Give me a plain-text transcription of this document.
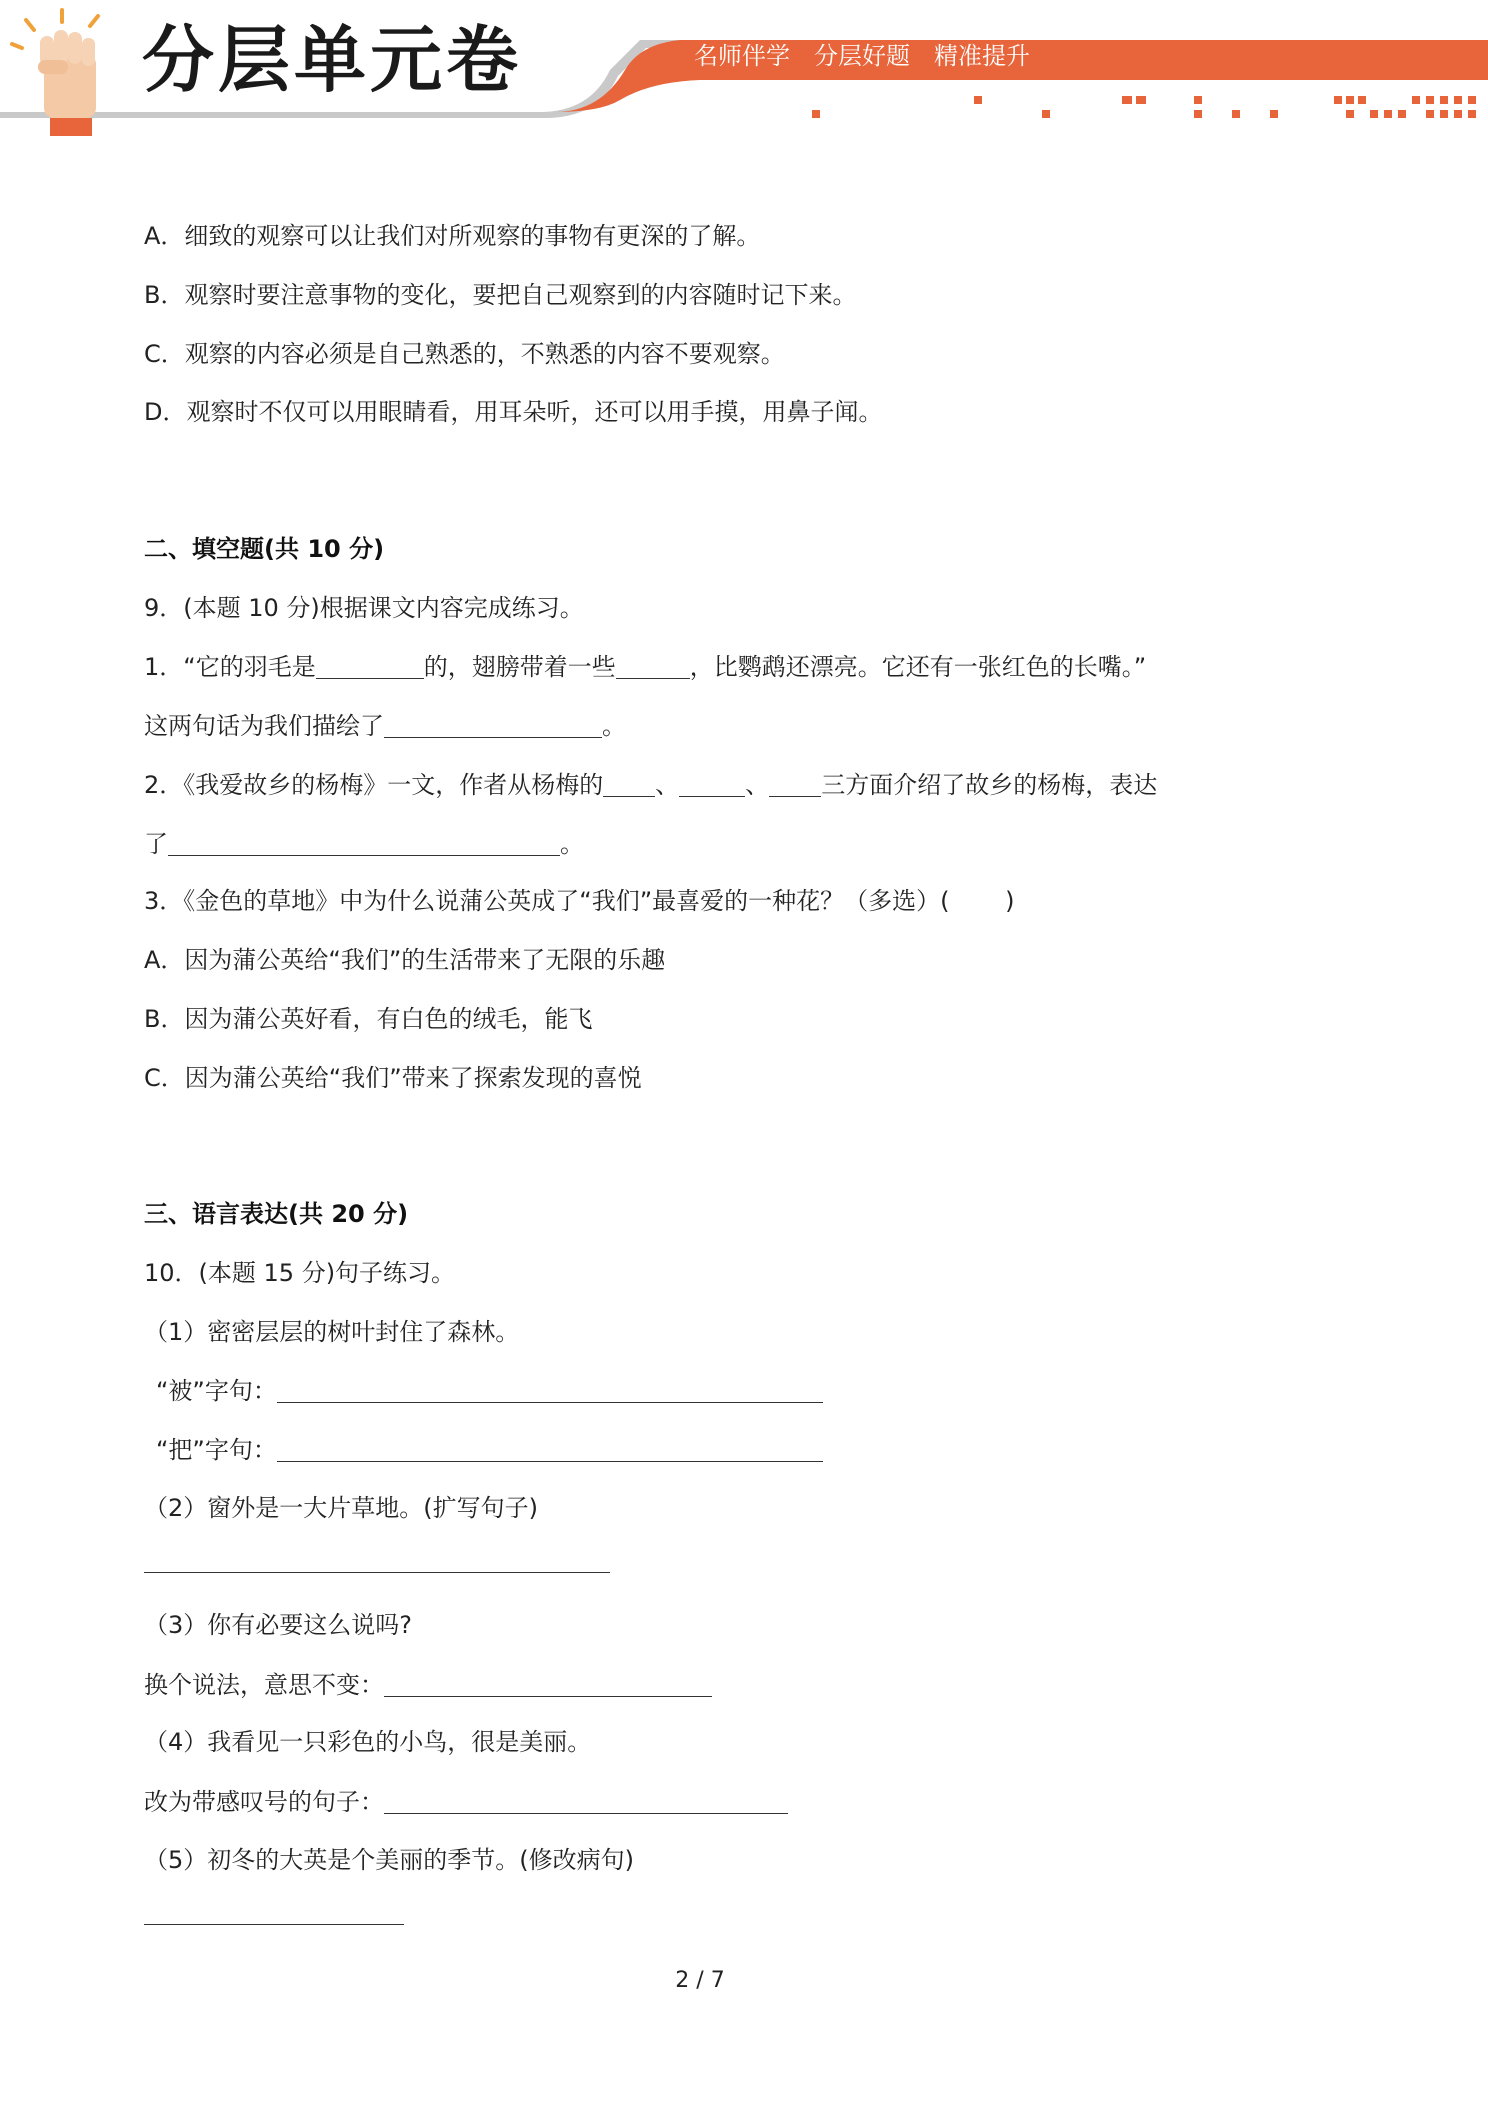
分层单元卷	名师伴学 分层好题 精准提升
A．细致的观察可以让我们对所观察的事物有更深的了解。
B．观察时要注意事物的变化，要把自己观察到的内容随时记下来。
C．观察的内容必须是自己熟悉的，不熟悉的内容不要观察。
D．观察时不仅可以用眼睛看，用耳朵听，还可以用手摸，用鼻子闻。
二、填空题(共 10 分)
9．(本题 10 分)根据课文内容完成练习。
1．“它的羽毛是	的，翅膀带着一些	，比鹦鹉还漂亮。它还有一张红色的长嘴。”
这两句话为我们描绘了	。
2．《我爱故乡的杨梅》一文，作者从杨梅的 、	、 三方面介绍了故乡的杨梅，表达
了	。
3．《金色的草地》中为什么说蒲公英成了“我们”最喜爱的一种花？（多选）(　　 )
A．因为蒲公英给“我们”的生活带来了无限的乐趣
B．因为蒲公英好看，有白色的绒毛，能飞
C．因为蒲公英给“我们”带来了探索发现的喜悦
三、语言表达(共 20 分)
10．(本题 15 分)句子练习。
（1）密密层层的树叶封住了森林。
“被”字句：
“把”字句：
（2）窗外是一大片草地。(扩写句子)
（3）你有必要这么说吗?
换个说法，意思不变：
（4）我看见一只彩色的小鸟，很是美丽。
改为带感叹号的句子：
（5）初冬的大英是个美丽的季节。(修改病句)
2 / 7
